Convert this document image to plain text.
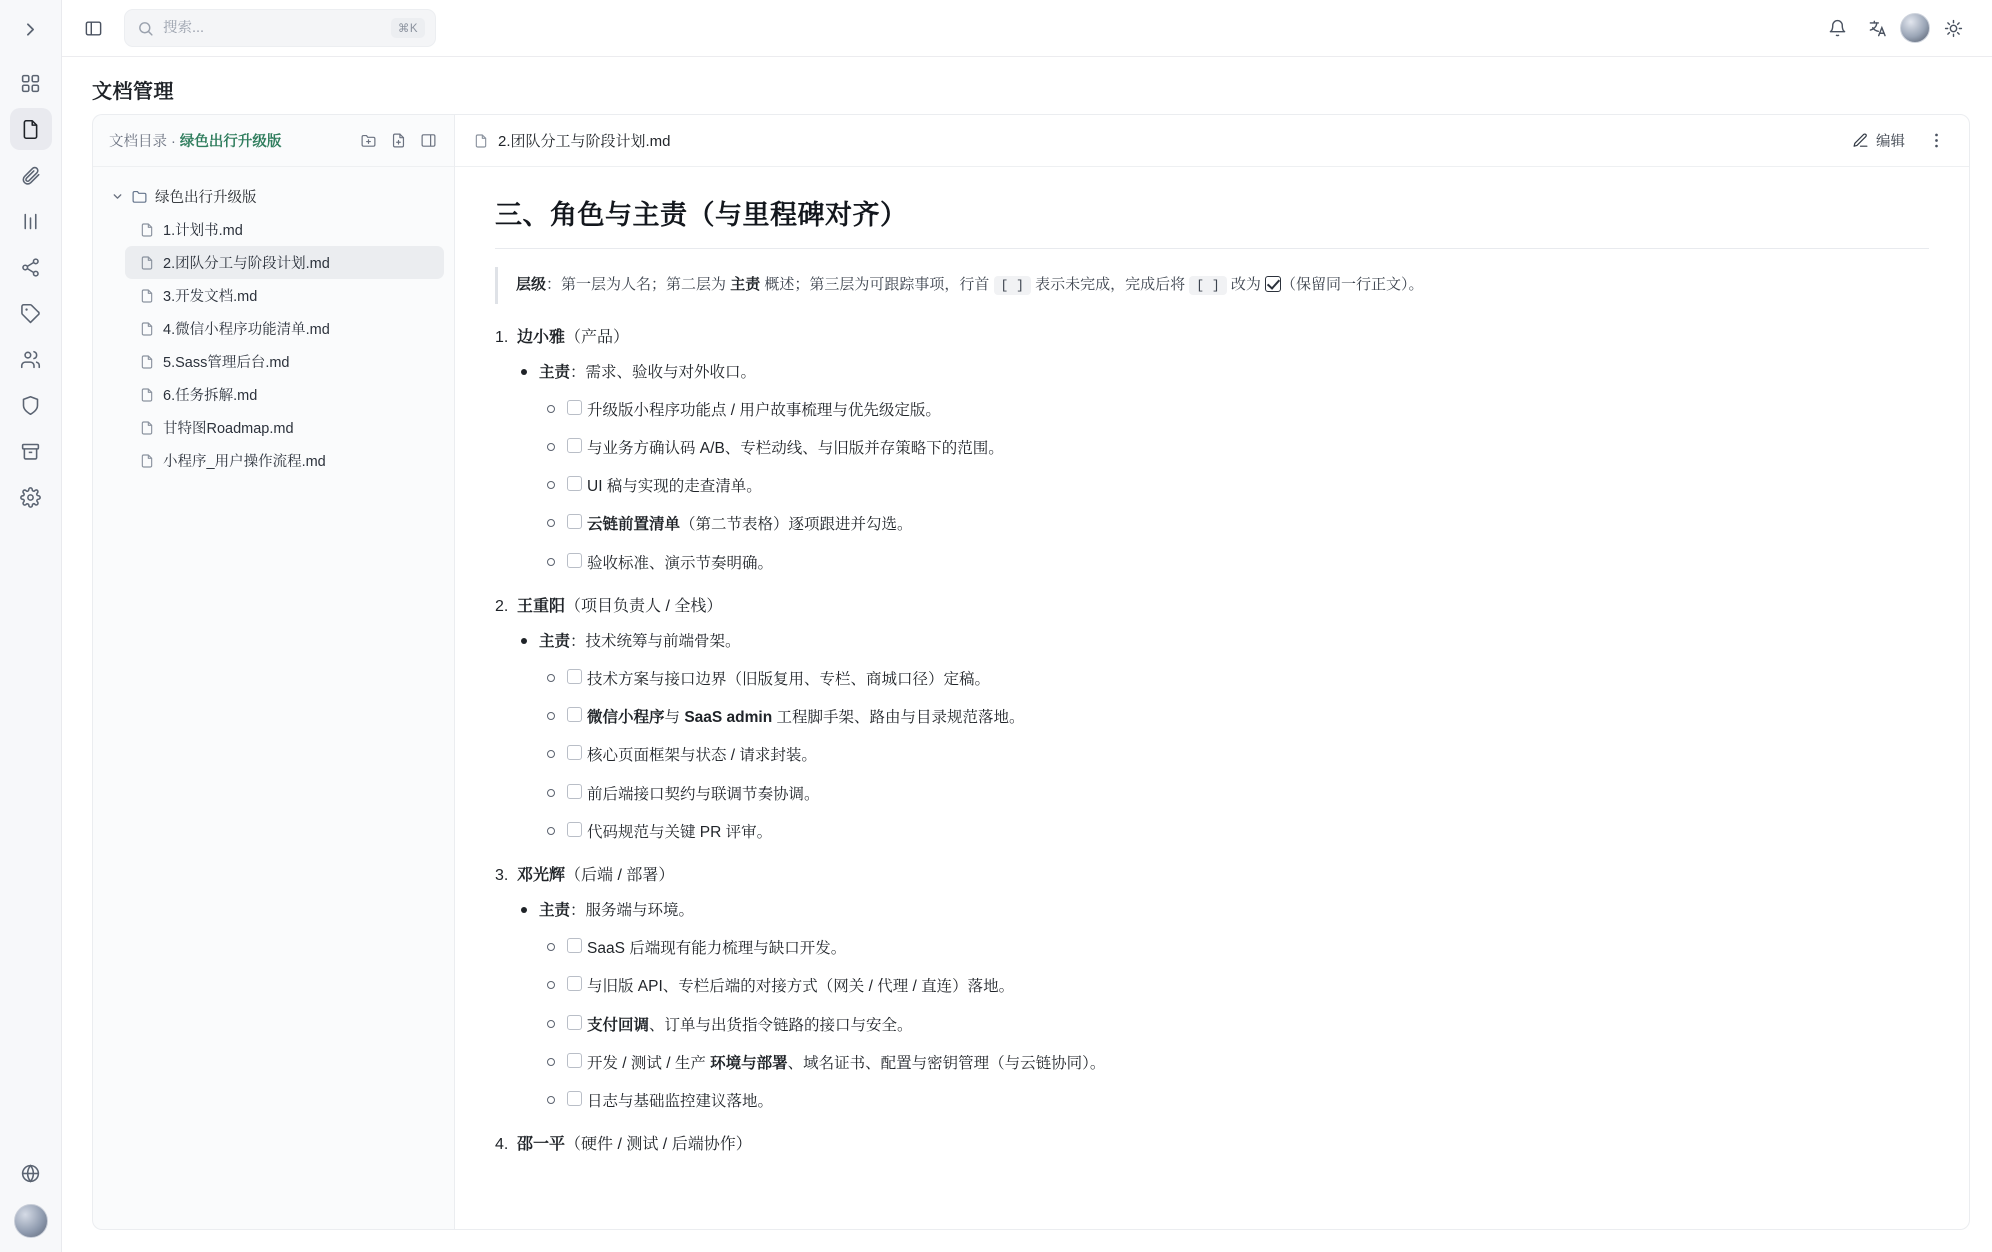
搜索...
⌘K
文档管理
文档目录 · 绿色出行升级版
绿色出行升级版
1.计划书.md
2.团队分工与阶段计划.md
3.开发文档.md
4.微信小程序功能清单.md
5.Sass管理后台.md
6.任务拆解.md
甘特图Roadmap.md
小程序_用户操作流程.md
2.团队分工与阶段计划.md	编辑
三、角色与主责（与里程碑对齐）
层级：第一层为人名；第二层为 主责 概述；第三层为可跟踪事项，行首 [ ] 表示未完成，完成后将 [ ] 改为 （保留同一行正文）。
边小雅（产品）
主责：需求、验收与对外收口。
升级版小程序功能点 / 用户故事梳理与优先级定版。
与业务方确认码 A/B、专栏动线、与旧版并存策略下的范围。
UI 稿与实现的走查清单。
云链前置清单（第二节表格）逐项跟进并勾选。
验收标准、演示节奏明确。
王重阳（项目负责人 / 全栈）
主责：技术统筹与前端骨架。
技术方案与接口边界（旧版复用、专栏、商城口径）定稿。
微信小程序与 SaaS admin 工程脚手架、路由与目录规范落地。
核心页面框架与状态 / 请求封装。
前后端接口契约与联调节奏协调。
代码规范与关键 PR 评审。
邓光辉（后端 / 部署）
主责：服务端与环境。
SaaS 后端现有能力梳理与缺口开发。
与旧版 API、专栏后端的对接方式（网关 / 代理 / 直连）落地。
支付回调、订单与出货指令链路的接口与安全。
开发 / 测试 / 生产 环境与部署、域名证书、配置与密钥管理（与云链协同）。
日志与基础监控建议落地。
邵一平（硬件 / 测试 / 后端协作）
